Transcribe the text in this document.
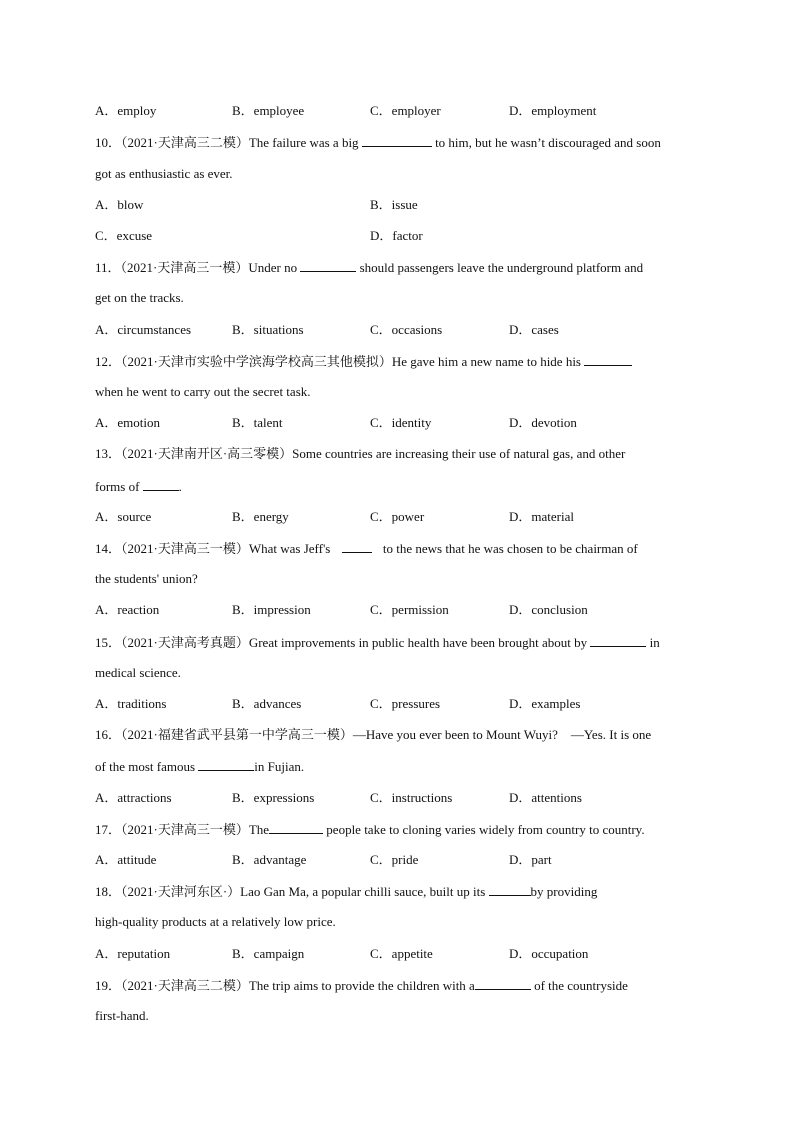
A．employ	B．employee	C．employer	D．employment
10．（2021·天津高三二模）The failure was a big	to him, but he wasn’t discouraged and soon
got as enthusiastic as ever.
A．blow	B．issue
C．excuse	D．factor
11．（2021·天津高三一模）Under no	should passengers leave the underground platform and
get on the tracks.
A．circumstances	B．situations	C．occasions	D．cases
12．（2021·天津市实验中学滨海学校高三其他模拟）He gave him a new name to hide his
when he went to carry out the secret task.
A．emotion	B．talent	C．identity	D．devotion
13．（2021·天津南开区·高三零模）Some countries are increasing their use of natural gas, and other
forms of	.
A．source	B．energy	C．power	D．material
14．（2021·天津高三一模）What was Jeff's	to the news that he was chosen to be chairman of
the students' union?
A．reaction	B．impression	C．permission	D．conclusion
15．（2021·天津高考真题）Great improvements in public health have been brought about by	in
medical science.
A．traditions	B．advances	C．pressures	D．examples
16．（2021·福建省武平县第一中学高三一模）—Have you ever been to Mount Wuyi?    —Yes. It is one
of the most famous	in Fujian.
A．attractions	B．expressions	C．instructions	D．attentions
17．（2021·天津高三一模）The	people take to cloning varies widely from country to country.
A．attitude	B．advantage	C．pride	D．part
18．（2021·天津河东区·）Lao Gan Ma, a popular chilli sauce, built up its	by providing
high-quality products at a relatively low price.
A．reputation	B．campaign	C．appetite	D．occupation
19．（2021·天津高三二模）The trip aims to provide the children with a	of the countryside
first-hand.
